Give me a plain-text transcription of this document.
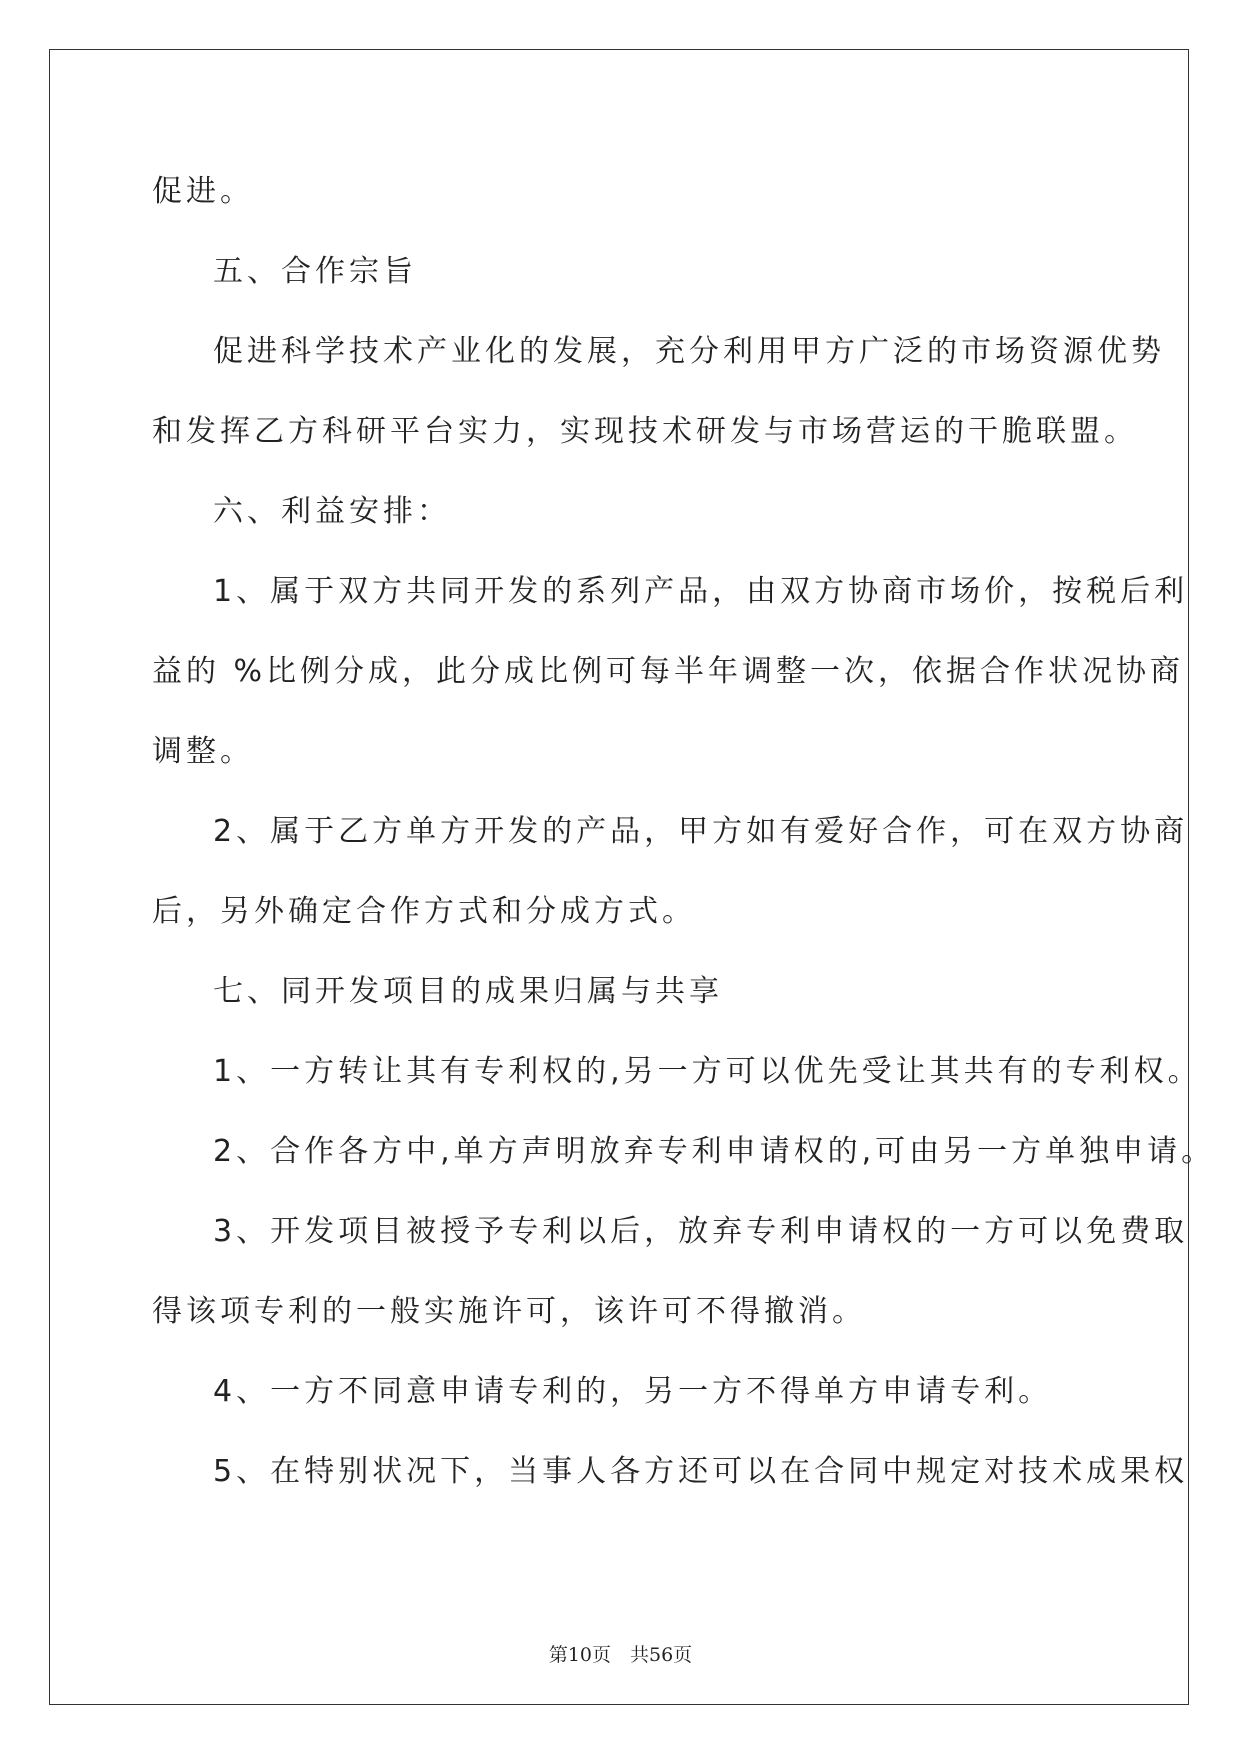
促进。
五、合作宗旨
促进科学技术产业化的发展，充分利用甲方广泛的市场资源优势
和发挥乙方科研平台实力，实现技术研发与市场营运的干脆联盟。
六、利益安排：
1、属于双方共同开发的系列产品，由双方协商市场价，按税后利
益的 %比例分成，此分成比例可每半年调整一次，依据合作状况协商
调整。
2、属于乙方单方开发的产品，甲方如有爱好合作，可在双方协商
后，另外确定合作方式和分成方式。
七、同开发项目的成果归属与共享
1、一方转让其有专利权的,另一方可以优先受让其共有的专利权。
2、合作各方中,单方声明放弃专利申请权的,可由另一方单独申请。
3、开发项目被授予专利以后，放弃专利申请权的一方可以免费取
得该项专利的一般实施许可，该许可不得撤消。
4、一方不同意申请专利的，另一方不得单方申请专利。
5、在特别状况下，当事人各方还可以在合同中规定对技术成果权
第10页　共56页
